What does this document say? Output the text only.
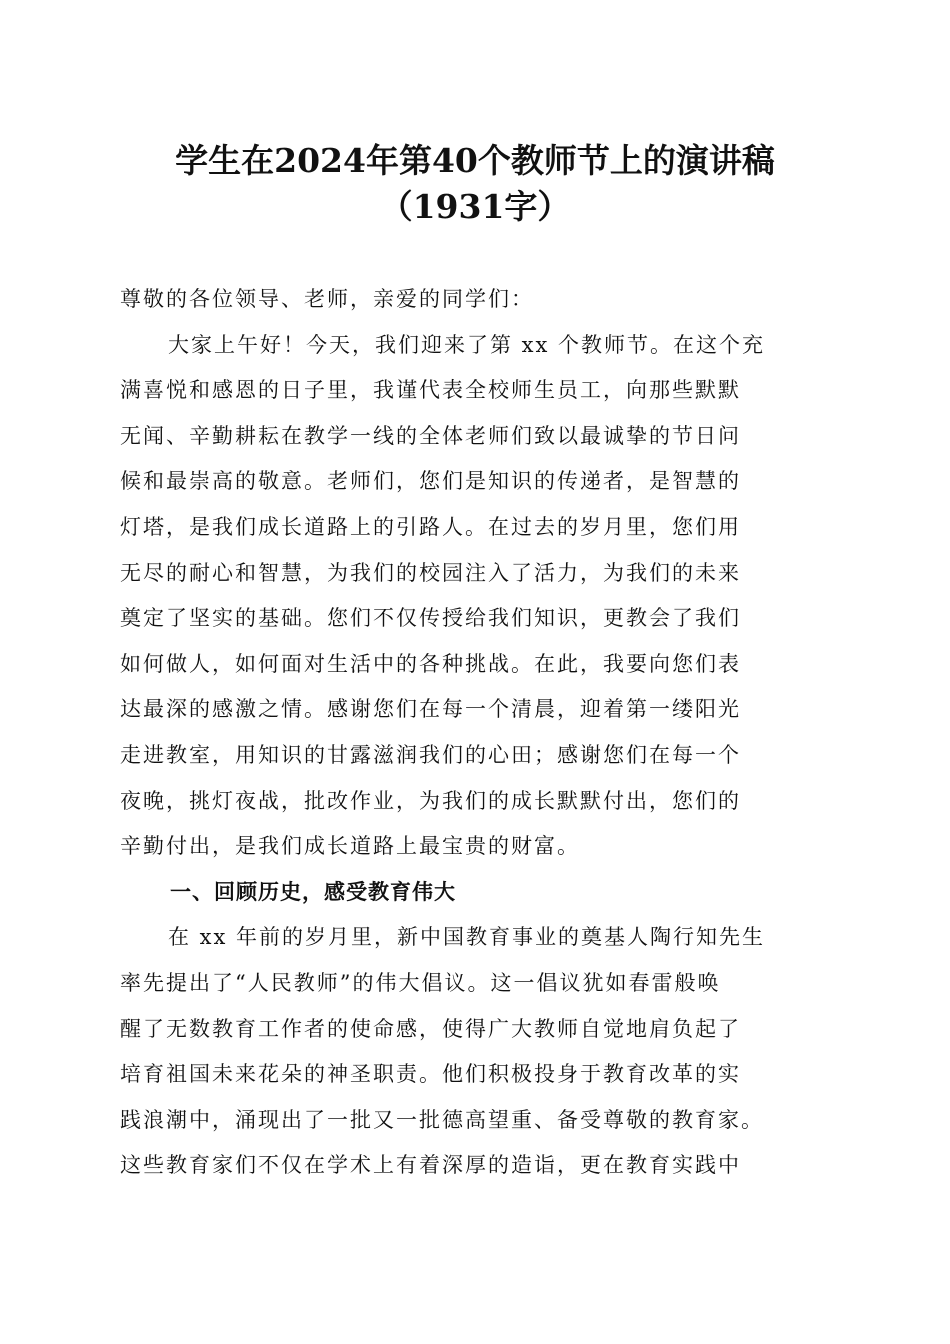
学生在2024年第40个教师节上的演讲稿
（1931字）
尊敬的各位领导、老师，亲爱的同学们：
大家上午好！今天，我们迎来了第 xx 个教师节。在这个充
满喜悦和感恩的日子里，我谨代表全校师生员工，向那些默默
无闻、辛勤耕耘在教学一线的全体老师们致以最诚挚的节日问
候和最崇高的敬意。老师们，您们是知识的传递者，是智慧的
灯塔，是我们成长道路上的引路人。在过去的岁月里，您们用
无尽的耐心和智慧，为我们的校园注入了活力，为我们的未来
奠定了坚实的基础。您们不仅传授给我们知识，更教会了我们
如何做人，如何面对生活中的各种挑战。在此，我要向您们表
达最深的感激之情。感谢您们在每一个清晨，迎着第一缕阳光
走进教室，用知识的甘露滋润我们的心田；感谢您们在每一个
夜晚，挑灯夜战，批改作业，为我们的成长默默付出，您们的
辛勤付出，是我们成长道路上最宝贵的财富。
一、回顾历史，感受教育伟大
在 xx 年前的岁月里，新中国教育事业的奠基人陶行知先生
率先提出了“人民教师”的伟大倡议。这一倡议犹如春雷般唤
醒了无数教育工作者的使命感，使得广大教师自觉地肩负起了
培育祖国未来花朵的神圣职责。他们积极投身于教育改革的实
践浪潮中，涌现出了一批又一批德高望重、备受尊敬的教育家。
这些教育家们不仅在学术上有着深厚的造诣，更在教育实践中
